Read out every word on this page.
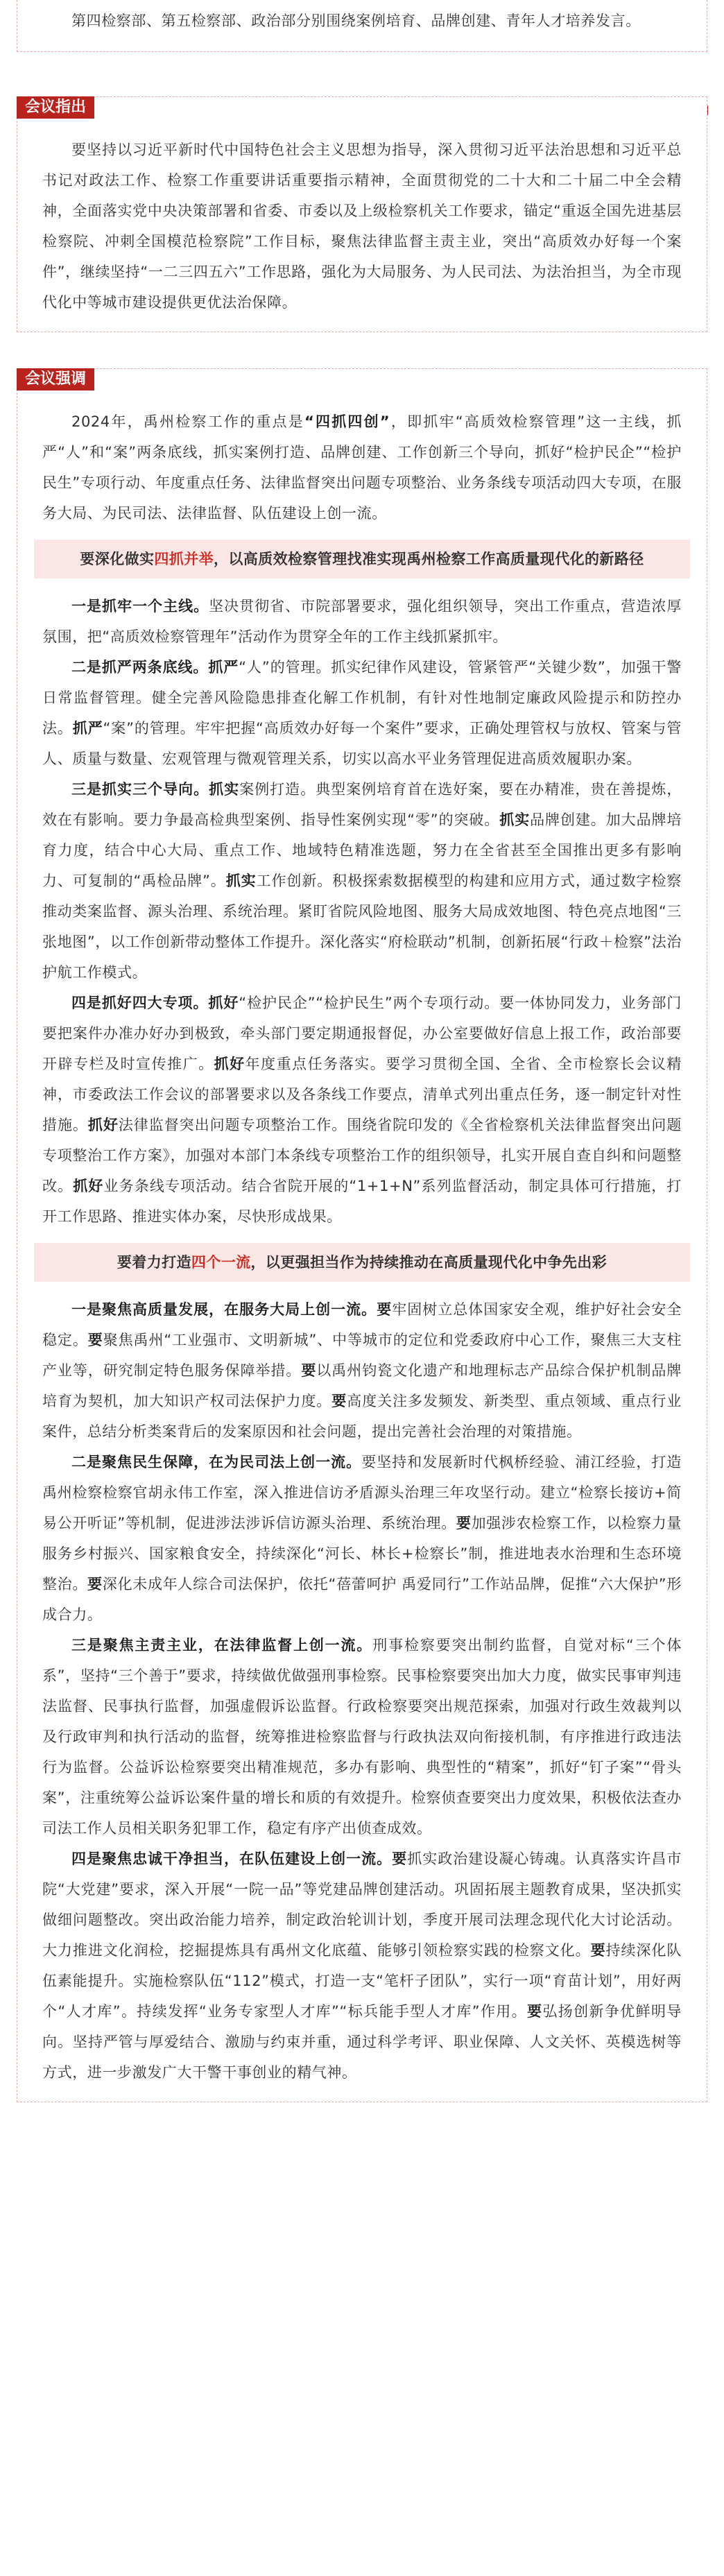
第四检察部、第五检察部、政治部分别围绕案例培育、品牌创建、青年人才培养发言。

会议指出

要坚持以习近平新时代中国特色社会主义思想为指导，深入贯彻习近平法治思想和习近平总书记对政法工作、检察工作重要讲话重要指示精神，全面贯彻党的二十大和二十届二中全会精神，全面落实党中央决策部署和省委、市委以及上级检察机关工作要求，锚定“重返全国先进基层检察院、冲刺全国模范检察院”工作目标，聚焦法律监督主责主业，突出“高质效办好每一个案件”，继续坚持“一二三四五六”工作思路，强化为大局服务、为人民司法、为法治担当，为全市现代化中等城市建设提供更优法治保障。

会议强调

2024年，禹州检察工作的重点是“四抓四创”，即抓牢“高质效检察管理”这一主线，抓严“人”和“案”两条底线，抓实案例打造、品牌创建、工作创新三个导向，抓好“检护民企”“检护民生”专项行动、年度重点任务、法律监督突出问题专项整治、业务条线专项活动四大专项，在服务大局、为民司法、法律监督、队伍建设上创一流。

要深化做实四抓并举，以高质效检察管理找准实现禹州检察工作高质量现代化的新路径

一是抓牢一个主线。坚决贯彻省、市院部署要求，强化组织领导，突出工作重点，营造浓厚氛围，把“高质效检察管理年”活动作为贯穿全年的工作主线抓紧抓牢。

二是抓严两条底线。抓严“人”的管理。抓实纪律作风建设，管紧管严“关键少数”，加强干警日常监督管理。健全完善风险隐患排查化解工作机制，有针对性地制定廉政风险提示和防控办法。抓严“案”的管理。牢牢把握“高质效办好每一个案件”要求，正确处理管权与放权、管案与管人、质量与数量、宏观管理与微观管理关系，切实以高水平业务管理促进高质效履职办案。

三是抓实三个导向。抓实案例打造。典型案例培育首在选好案，要在办精准，贵在善提炼，效在有影响。要力争最高检典型案例、指导性案例实现“零”的突破。抓实品牌创建。加大品牌培育力度，结合中心大局、重点工作、地域特色精准选题，努力在全省甚至全国推出更多有影响力、可复制的“禹检品牌”。抓实工作创新。积极探索数据模型的构建和应用方式，通过数字检察推动类案监督、源头治理、系统治理。紧盯省院风险地图、服务大局成效地图、特色亮点地图“三张地图”，以工作创新带动整体工作提升。深化落实“府检联动”机制，创新拓展“行政＋检察”法治护航工作模式。

四是抓好四大专项。抓好“检护民企”“检护民生”两个专项行动。要一体协同发力，业务部门要把案件办准办好办到极致，牵头部门要定期通报督促，办公室要做好信息上报工作，政治部要开辟专栏及时宣传推广。抓好年度重点任务落实。要学习贯彻全国、全省、全市检察长会议精神，市委政法工作会议的部署要求以及各条线工作要点，清单式列出重点任务，逐一制定针对性措施。抓好法律监督突出问题专项整治工作。围绕省院印发的《全省检察机关法律监督突出问题专项整治工作方案》，加强对本部门本条线专项整治工作的组织领导，扎实开展自查自纠和问题整改。抓好业务条线专项活动。结合省院开展的“1+1+N”系列监督活动，制定具体可行措施，打开工作思路、推进实体办案，尽快形成战果。

要着力打造四个一流，以更强担当作为持续推动在高质量现代化中争先出彩

一是聚焦高质量发展，在服务大局上创一流。要牢固树立总体国家安全观，维护好社会安全稳定。要聚焦禹州“工业强市、文明新城”、中等城市的定位和党委政府中心工作，聚焦三大支柱产业等，研究制定特色服务保障举措。要以禹州钧瓷文化遗产和地理标志产品综合保护机制品牌培育为契机，加大知识产权司法保护力度。要高度关注多发频发、新类型、重点领域、重点行业案件，总结分析类案背后的发案原因和社会问题，提出完善社会治理的对策措施。

二是聚焦民生保障，在为民司法上创一流。要坚持和发展新时代枫桥经验、浦江经验，打造禹州检察检察官胡永伟工作室，深入推进信访矛盾源头治理三年攻坚行动。建立“检察长接访+简易公开听证”等机制，促进涉法涉诉信访源头治理、系统治理。要加强涉农检察工作，以检察力量服务乡村振兴、国家粮食安全，持续深化“河长、林长+检察长”制，推进地表水治理和生态环境整治。要深化未成年人综合司法保护，依托“蓓蕾呵护 禹爱同行”工作站品牌，促推“六大保护”形成合力。

三是聚焦主责主业，在法律监督上创一流。刑事检察要突出制约监督，自觉对标“三个体系”，坚持“三个善于”要求，持续做优做强刑事检察。民事检察要突出加大力度，做实民事审判违法监督、民事执行监督，加强虚假诉讼监督。行政检察要突出规范探索，加强对行政生效裁判以及行政审判和执行活动的监督，统筹推进检察监督与行政执法双向衔接机制，有序推进行政违法行为监督。公益诉讼检察要突出精准规范，多办有影响、典型性的“精案”，抓好“钉子案”“骨头案”，注重统筹公益诉讼案件量的增长和质的有效提升。检察侦查要突出力度效果，积极依法查办司法工作人员相关职务犯罪工作，稳定有序产出侦查成效。

四是聚焦忠诚干净担当，在队伍建设上创一流。要抓实政治建设凝心铸魂。认真落实许昌市院“大党建”要求，深入开展“一院一品”等党建品牌创建活动。巩固拓展主题教育成果，坚决抓实做细问题整改。突出政治能力培养，制定政治轮训计划，季度开展司法理念现代化大讨论活动。大力推进文化润检，挖掘提炼具有禹州文化底蕴、能够引领检察实践的检察文化。要持续深化队伍素能提升。实施检察队伍“112”模式，打造一支“笔杆子团队”，实行一项“育苗计划”，用好两个“人才库”。持续发挥“业务专家型人才库”“标兵能手型人才库”作用。要弘扬创新争优鲜明导向。坚持严管与厚爱结合、激励与约束并重，通过科学考评、职业保障、人文关怀、英模选树等方式，进一步激发广大干警干事创业的精气神。
